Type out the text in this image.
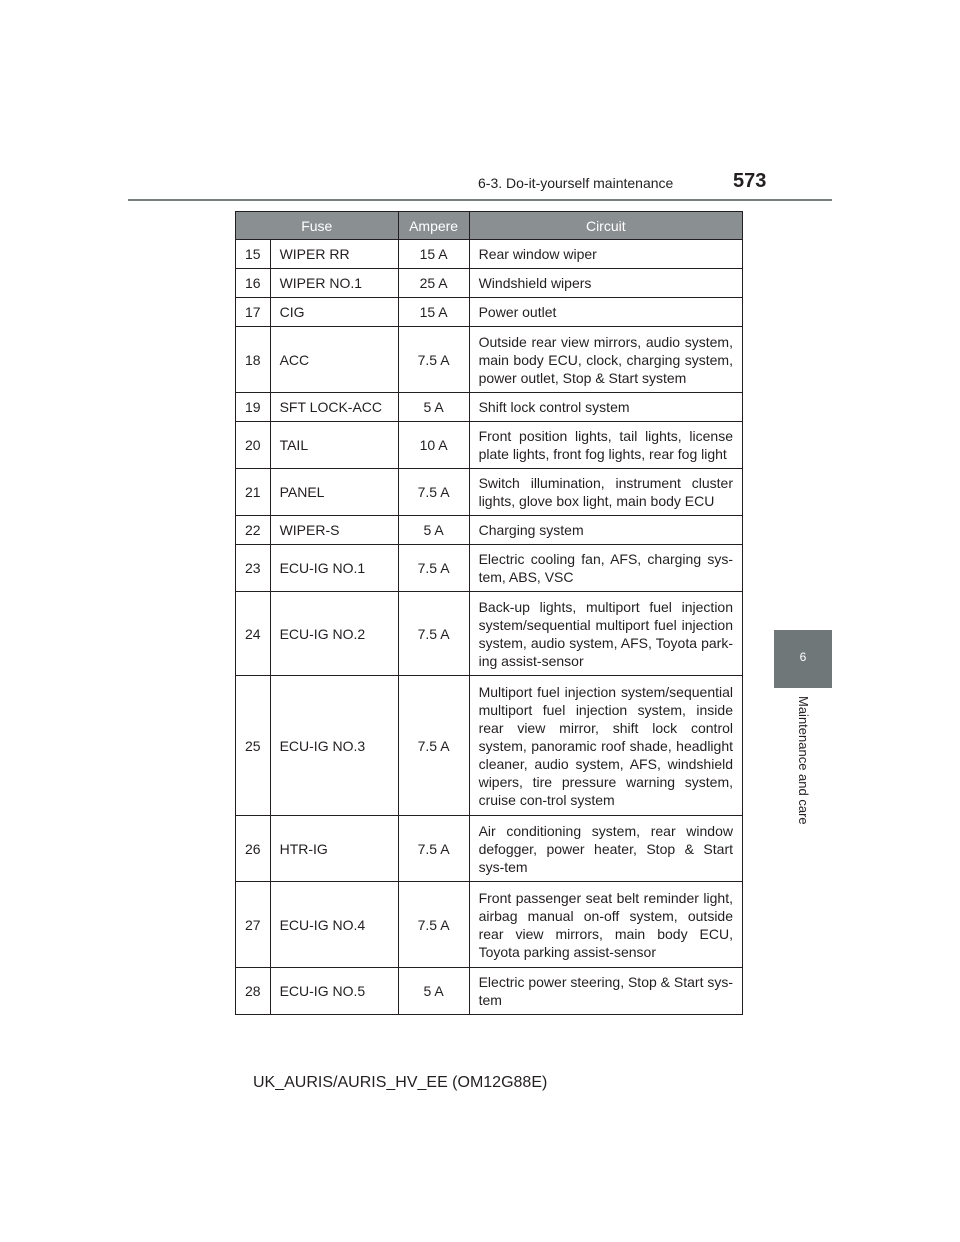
6-3. Do-it-yourself maintenance	573
6
Maintenance and care
Fuse		Ampere	Circuit
15	WIPER RR	15 A	Rear window wiper
16	WIPER NO.1	25 A	Windshield wipers
17	CIG	15 A	Power outlet
18	ACC	7.5 A	Outside rear view mirrors, audio system, main body ECU, clock, charging system, power outlet, Stop & Start system
19	SFT LOCK-ACC	5 A	Shift lock control system
20	TAIL	10 A	Front position lights, tail lights, license plate lights, front fog lights, rear fog light
21	PANEL	7.5 A	Switch illumination, instrument cluster lights, glove box light, main body ECU
22	WIPER-S	5 A	Charging system
23	ECU-IG NO.1	7.5 A	Electric cooling fan, AFS, charging sys-tem, ABS, VSC
24	ECU-IG NO.2	7.5 A	Back-up lights, multiport fuel injection system/sequential multiport fuel injection system, audio system, AFS, Toyota park-ing assist-sensor
25	ECU-IG NO.3	7.5 A	Multiport fuel injection system/sequential multiport fuel injection system, inside rear view mirror, shift lock control system, panoramic roof shade, headlight cleaner, audio system, AFS, windshield wipers, tire pressure warning system, cruise con-trol system
26	HTR-IG	7.5 A	Air conditioning system, rear window defogger, power heater, Stop & Start sys-tem
27	ECU-IG NO.4	7.5 A	Front passenger seat belt reminder light, airbag manual on-off system, outside rear view mirrors, main body ECU, Toyota parking assist-sensor
28	ECU-IG NO.5	5 A	Electric power steering, Stop & Start sys-tem
UK_AURIS/AURIS_HV_EE (OM12G88E)
